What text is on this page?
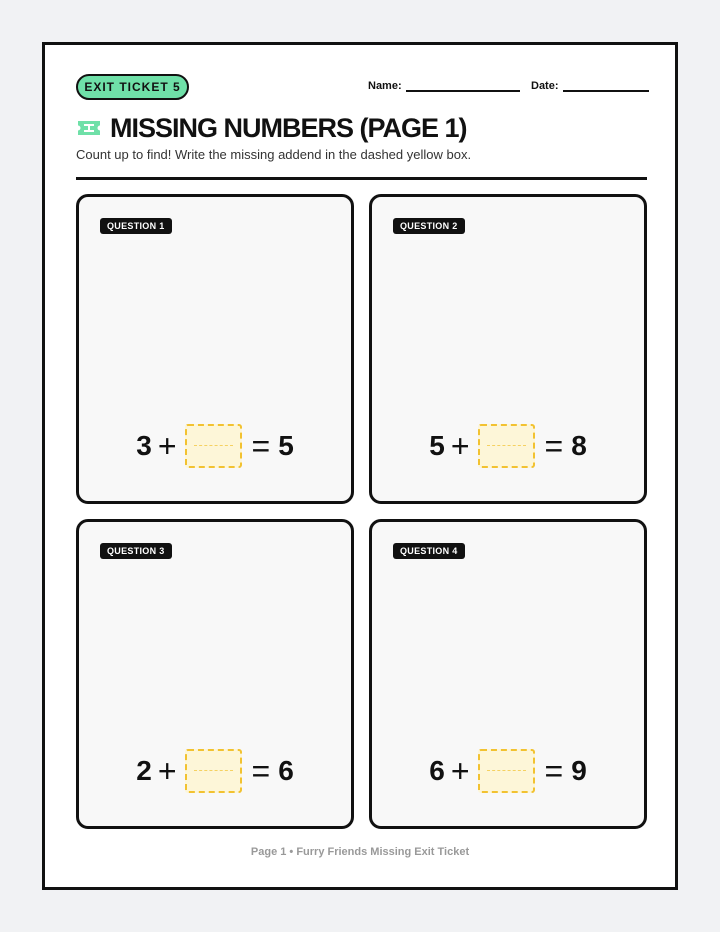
EXIT TICKET 5	Name:	Date:
MISSING NUMBERS (PAGE 1)

Count up to find! Write the missing addend in the dashed yellow box.

QUESTION 1
3 + = 5
QUESTION 2
5 + = 8
QUESTION 3
2 + = 6
QUESTION 4
6 + = 9
Page 1 • Furry Friends Missing Exit Ticket
